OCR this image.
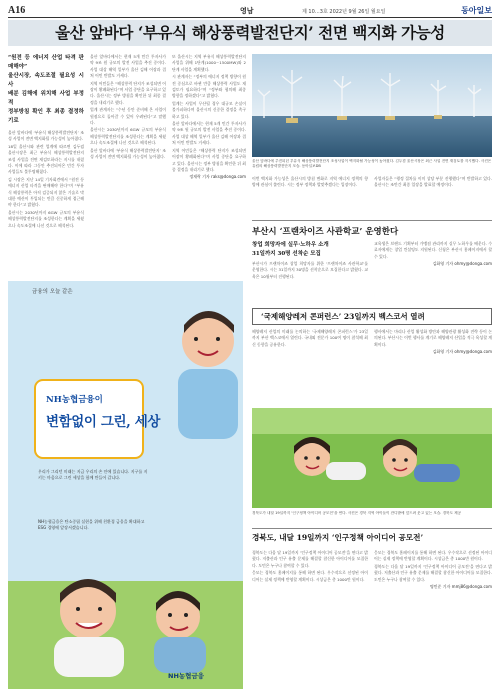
A16	영남	제 10…3호 2022년 9월 26일 월요일	동아일보
울산 앞바다 ‘부유식 해상풍력발전단지’ 전면 백지화 가능성
“원전 등 에너지 산업 타격 판매해야”
울산시장, 속도조절 필요성 시사
배분 김해에 위치해 사업 부정적
정부방침 확인 후 최종 결정하기로

울산 앞바다에 ‘부유식 해상풍력발전단지’ 조성 사업이 전면 백지화될 가능성이 높아졌다.

18일 울산시와 관련 업계에 따르면 김두겸 울산시장은 최근 부유식 해상풍력발전단지 조성 사업을 전면 재검토하라는 지시를 내렸다. 이에 따라 그동안 추진되어온 민간 투자 사업들도 불투명해졌다.

김 시장은 지난 14일 기자회견에서 “원전 등 에너지 산업 타격을 판매해야 한다”며 “부유식 해상풍력은 아직 검증되지 않은 기술로 막대한 예산이 투입되는 만큼 신중하게 접근해야 한다”고 밝혔다.

울산시는 2030년까지 6GW 규모의 부유식 해상풍력발전단지를 조성한다는 계획을 세웠으나 속도조절에 나선 것으로 해석된다.

울산 앞바다에서는 현재 5개 민간 투자사가 약 9조 원 규모의 발전 사업을 추진 중이다. 사업 대상 해역 일부가 울산 김해 어장과 겹쳐 어민 반발도 거세다.

지역 어민들은 “해상풍력 단지가 조성되면 어장이 황폐화된다”며 사업 중단을 요구하고 있다. 울산시는 정부 방침을 확인한 뒤 최종 결정을 내리기로 했다.

업계 관계자는 “수년 동안 준비해 온 사업이 원점으로 돌아갈 수 있어 우려된다”고 말했다.

울산시는 2030년까지 6GW 규모의 부유식 해상풍력발전단지를 조성한다는 계획을 세웠으나 속도조절에 나선 것으로 해석된다.

울산 앞바다에 ‘부유식 해상풍력발전단지’ 조성 사업이 전면 백지화될 가능성이 높아졌다.

또 울산시는 지역 부유식 해상풍력발전단지 사업을 위해 1단계(1000~1500MW)와 2단계 사업을 계획했다.

시 관계자는 “정부의 에너지 정책 방향이 원전 중심으로 바뀐 만큼 해상풍력 사업도 재검토가 필요하다”며 “정부와 협의해 최종 방향을 정하겠다”고 밝혔다.

업계는 사업이 무산될 경우 대규모 손실이 불가피하다며 울산시의 신중한 결정을 촉구하고 있다.

울산 앞바다에서는 현재 5개 민간 투자사가 약 9조 원 규모의 발전 사업을 추진 중이다. 사업 대상 해역 일부가 울산 김해 어장과 겹쳐 어민 반발도 거세다.

지역 어민들은 “해상풍력 단지가 조성되면 어장이 황폐화된다”며 사업 중단을 요구하고 있다. 울산시는 정부 방침을 확인한 뒤 최종 결정을 내리기로 했다.

정재락 기자 raks@donga.com
울산 앞바다에 추진되던 부유식 해상풍력발전단지 조성사업이 백지화될 가능성이 높아졌다. 김두겸 울산시장은 최근 사업 전면 재검토를 지시했다. 사진은 유럽의 해상풍력발전단지 모습. 동아일보DB

이번 백지화 가능성은 울산시의 방침 변화로 지역 에너지 정책의 향방에 관심이 쏠린다. 시는 정부 정책과 발맞추겠다는 입장이다.

사업자들은 “행정 절차를 이미 상당 부분 진행했다”며 반발하고 있다. 울산시는 조만간 최종 입장을 발표할 예정이다.

부산시 ‘프랜차이즈 사관학교’ 운영한다
창업 희망자에 실무·노하우 소개
31일까지 30명 선착순 모집

부산시가 프랜차이즈 창업 희망자를 위한 ‘프랜차이즈 사관학교’를 운영한다. 시는 31일까지 30명을 선착순으로 모집한다고 밝혔다. 교육은 10월부터 진행된다.

교육생은 브랜드 기획부터 가맹점 관리까지 실무 노하우를 배운다. 수료자에게는 창업 컨설팅도 지원된다. 신청은 부산시 홈페이지에서 할 수 있다.

김화영 기자 ohmy@donga.com
금융의 오늘 같은
NH농협금융이
변함없이 그린, 세상
우리가 그리던 미래는 지금 우리의 손 안에 있습니다. 지구를 지키는 마음으로 그린 세상을 함께 만들어 갑니다.
NH농협금융은 탄소중립 실현을 위해 친환경 금융을 확대하고 ESG 경영에 앞장서겠습니다.
NH농협금융
‘국제해양레저 콘퍼런스’ 23일까지 벡스코서 열려

해양레저 산업의 미래를 논의하는 ‘국제해양레저 콘퍼런스’가 23일까지 부산 벡스코에서 열린다. 국내외 전문가 100여 명이 참석해 최신 동향을 공유한다.

행사에서는 마리나 산업 활성화 방안과 해양관광 활성화 전략 등이 논의된다. 부산시는 이번 행사를 계기로 해양레저 산업을 적극 육성할 계획이다.

김화영 기자 ohmy@donga.com
경북도가 내달 19일까지 ‘인구정책 아이디어 공모전’을 연다. 사진은 경북 지역 아이들이 잔디밭에 엎드려 웃고 있는 모습. 경북도 제공
경북도, 내달 19일까지 ‘인구정책 아이디어 공모전’

경북도는 다음 달 19일까지 ‘인구정책 아이디어 공모전’을 연다고 밝혔다. 저출산과 인구 유출 문제를 해결할 참신한 아이디어를 모집한다. 도민은 누구나 참여할 수 있다.

응모는 경북도 홈페이지를 통해 하면 된다. 우수작으로 선정된 아이디어는 실제 정책에 반영할 계획이다. 시상금은 총 1000만 원이다.

응모는 경북도 홈페이지를 통해 하면 된다. 우수작으로 선정된 아이디어는 실제 정책에 반영할 계획이다. 시상금은 총 1000만 원이다.

경북도는 다음 달 19일까지 ‘인구정책 아이디어 공모전’을 연다고 밝혔다. 저출산과 인구 유출 문제를 해결할 참신한 아이디어를 모집한다. 도민은 누구나 참여할 수 있다.

명민준 기자 mmj86@donga.com
